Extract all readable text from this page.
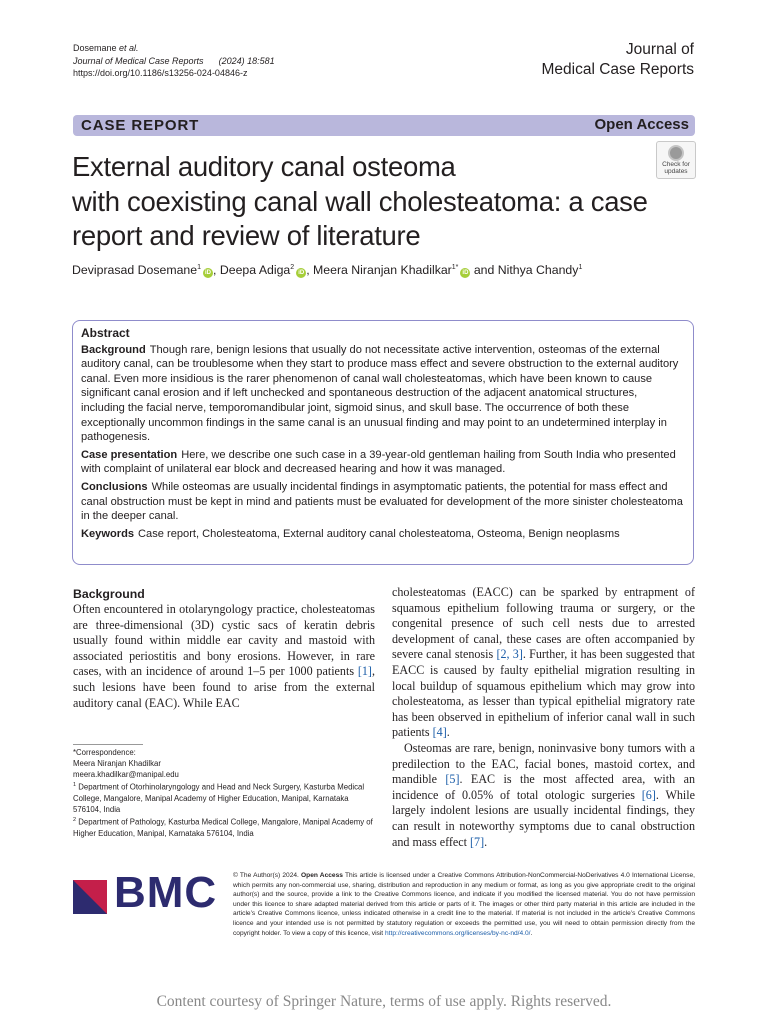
Dosemane et al.
Journal of Medical Case Reports (2024) 18:581
https://doi.org/10.1186/s13256-024-04846-z
Journal of
Medical Case Reports
CASE REPORT	Open Access
External auditory canal osteoma
with coexisting canal wall cholesteatoma: a case
report and review of literature
Check for
updates
Deviprasad Dosemane$^1$iD , Deepa Adiga$^2$iD , Meera Niranjan Khadilkar$^{1*}$iD and Nithya Chandy$^1$
Abstract

Background Though rare, benign lesions that usually do not necessitate active intervention, osteomas of the external auditory canal, can be troublesome when they start to produce mass effect and severe obstruction to the external auditory canal. Even more insidious is the rarer phenomenon of canal wall cholesteatomas, which have been known to cause significant canal erosion and if left unchecked and spontaneous destruction of the adjacent anatomical structures, including the facial nerve, temporomandibular joint, sigmoid sinus, and skull base. The occurrence of both these exceptionally uncommon findings in the same canal is an unusual finding and may point to an undetermined interplay in pathogenesis.

Case presentation Here, we describe one such case in a 39-year-old gentleman hailing from South India who presented with complaint of unilateral ear block and decreased hearing and how it was managed.

Conclusions While osteomas are usually incidental findings in asymptomatic patients, the potential for mass effect and canal obstruction must be kept in mind and patients must be evaluated for development of the more sinister cholesteatoma in the deeper canal.

Keywords Case report, Cholesteatoma, External auditory canal cholesteatoma, Osteoma, Benign neoplasms

Background

Often encountered in otolaryngology practice, cholesteatomas are three-dimensional (3D) cystic sacs of keratin debris usually found within middle ear cavity and mastoid with associated periostitis and bony erosions. However, in rare cases, with an incidence of around 1–5 per 1000 patients [1], such lesions have been found to arise from the external auditory canal (EAC). While EAC

cholesteatomas (EACC) can be sparked by entrapment of squamous epithelium following trauma or surgery, or the congenital presence of such cell nests due to arrested development of canal, these cases are often accompanied by severe canal stenosis [2, 3]. Further, it has been suggested that EACC is caused by faulty epithelial migration resulting in local buildup of squamous epithelium which may grow into cholesteatoma, as lesser than typical epithelial migratory rate has been observed in epithelium of inferior canal wall in such patients [4].

Osteomas are rare, benign, noninvasive bony tumors with a predilection to the EAC, facial bones, mastoid cortex, and mandible [5]. EAC is the most affected area, with an incidence of 0.05% of total otologic surgeries [6]. While largely indolent lesions are usually incidental findings, they can result in noteworthy symptoms due to canal obstruction and mass effect [7].

*Correspondence:
Meera Niranjan Khadilkar
meera.khadilkar@manipal.edu
$^1$ Department of Otorhinolaryngology and Head and Neck Surgery, Kasturba Medical College, Mangalore, Manipal Academy of Higher Education, Manipal, Karnataka 576104, India
$^2$ Department of Pathology, Kasturba Medical College, Mangalore, Manipal Academy of Higher Education, Manipal, Karnataka 576104, India
BMC © The Author(s) 2024. Open Access This article is licensed under a Creative Commons Attribution-NonCommercial-NoDerivatives 4.0 International License, which permits any non-commercial use, sharing, distribution and reproduction in any medium or format, as long as you give appropriate credit to the original author(s) and the source, provide a link to the Creative Commons licence, and indicate if you modified the licensed material. You do not have permission under this licence to share adapted material derived from this article or parts of it. The images or other third party material in this article are included in the article’s Creative Commons licence, unless indicated otherwise in a credit line to the material. If material is not included in the article’s Creative Commons licence and your intended use is not permitted by statutory regulation or exceeds the permitted use, you will need to obtain permission directly from the copyright holder. To view a copy of this licence, visit http://creativecommons.org/licenses/by-nc-nd/4.0/.
Content courtesy of Springer Nature, terms of use apply. Rights reserved.
